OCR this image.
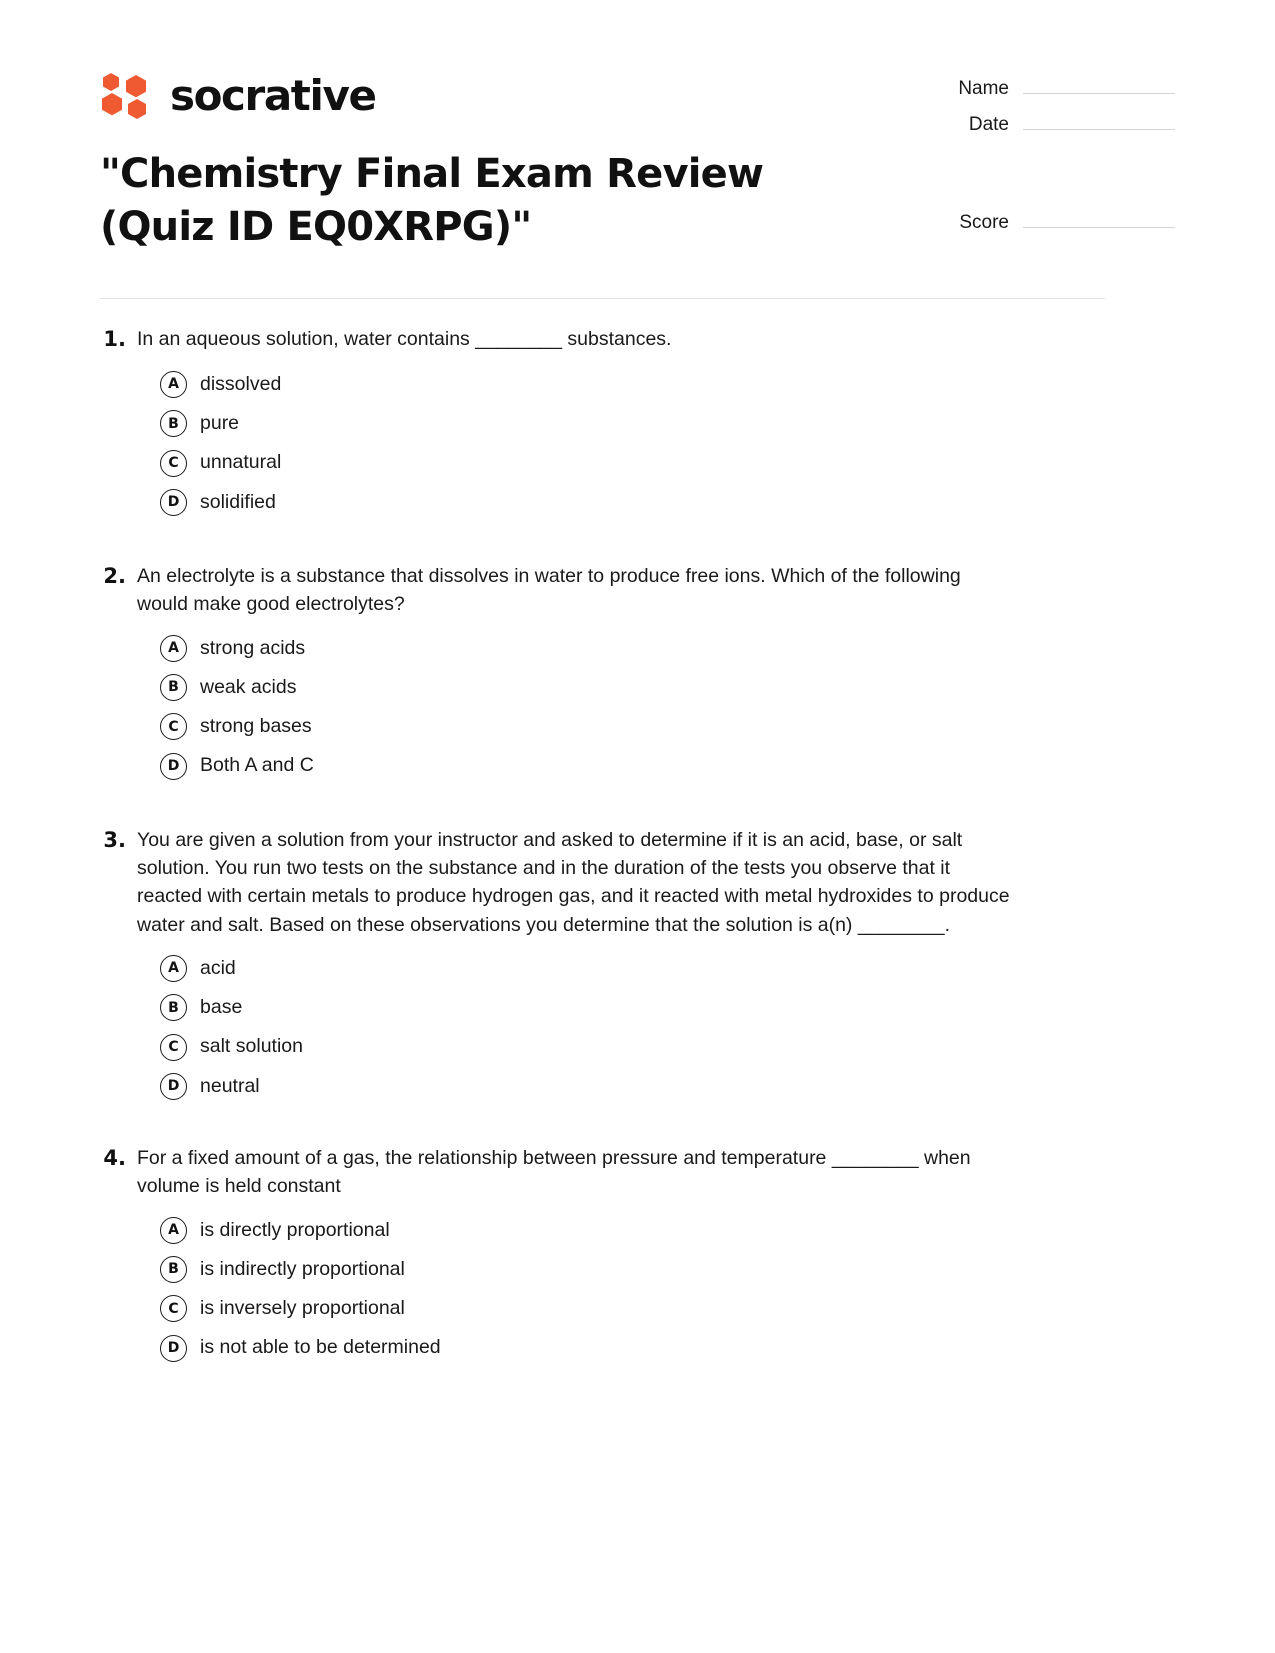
socrative	Name
Date
Score
"Chemistry Final Exam Review (Quiz ID EQ0XRPG)"
1. In an aqueous solution, water contains ________ substances.
A	dissolved
B	pure
C	unnatural
D	solidified
2. An electrolyte is a substance that dissolves in water to produce free ions. Which of the following would make good electrolytes?
A	strong acids
B	weak acids
C	strong bases
D	Both A and C
3. You are given a solution from your instructor and asked to determine if it is an acid, base, or salt solution. You run two tests on the substance and in the duration of the tests you observe that it reacted with certain metals to produce hydrogen gas, and it reacted with metal hydroxides to produce water and salt. Based on these observations you determine that the solution is a(n) ________.
A	acid
B	base
C	salt solution
D	neutral
4. For a fixed amount of a gas, the relationship between pressure and temperature ________ when volume is held constant
A	is directly proportional
B	is indirectly proportional
C	is inversely proportional
D	is not able to be determined
